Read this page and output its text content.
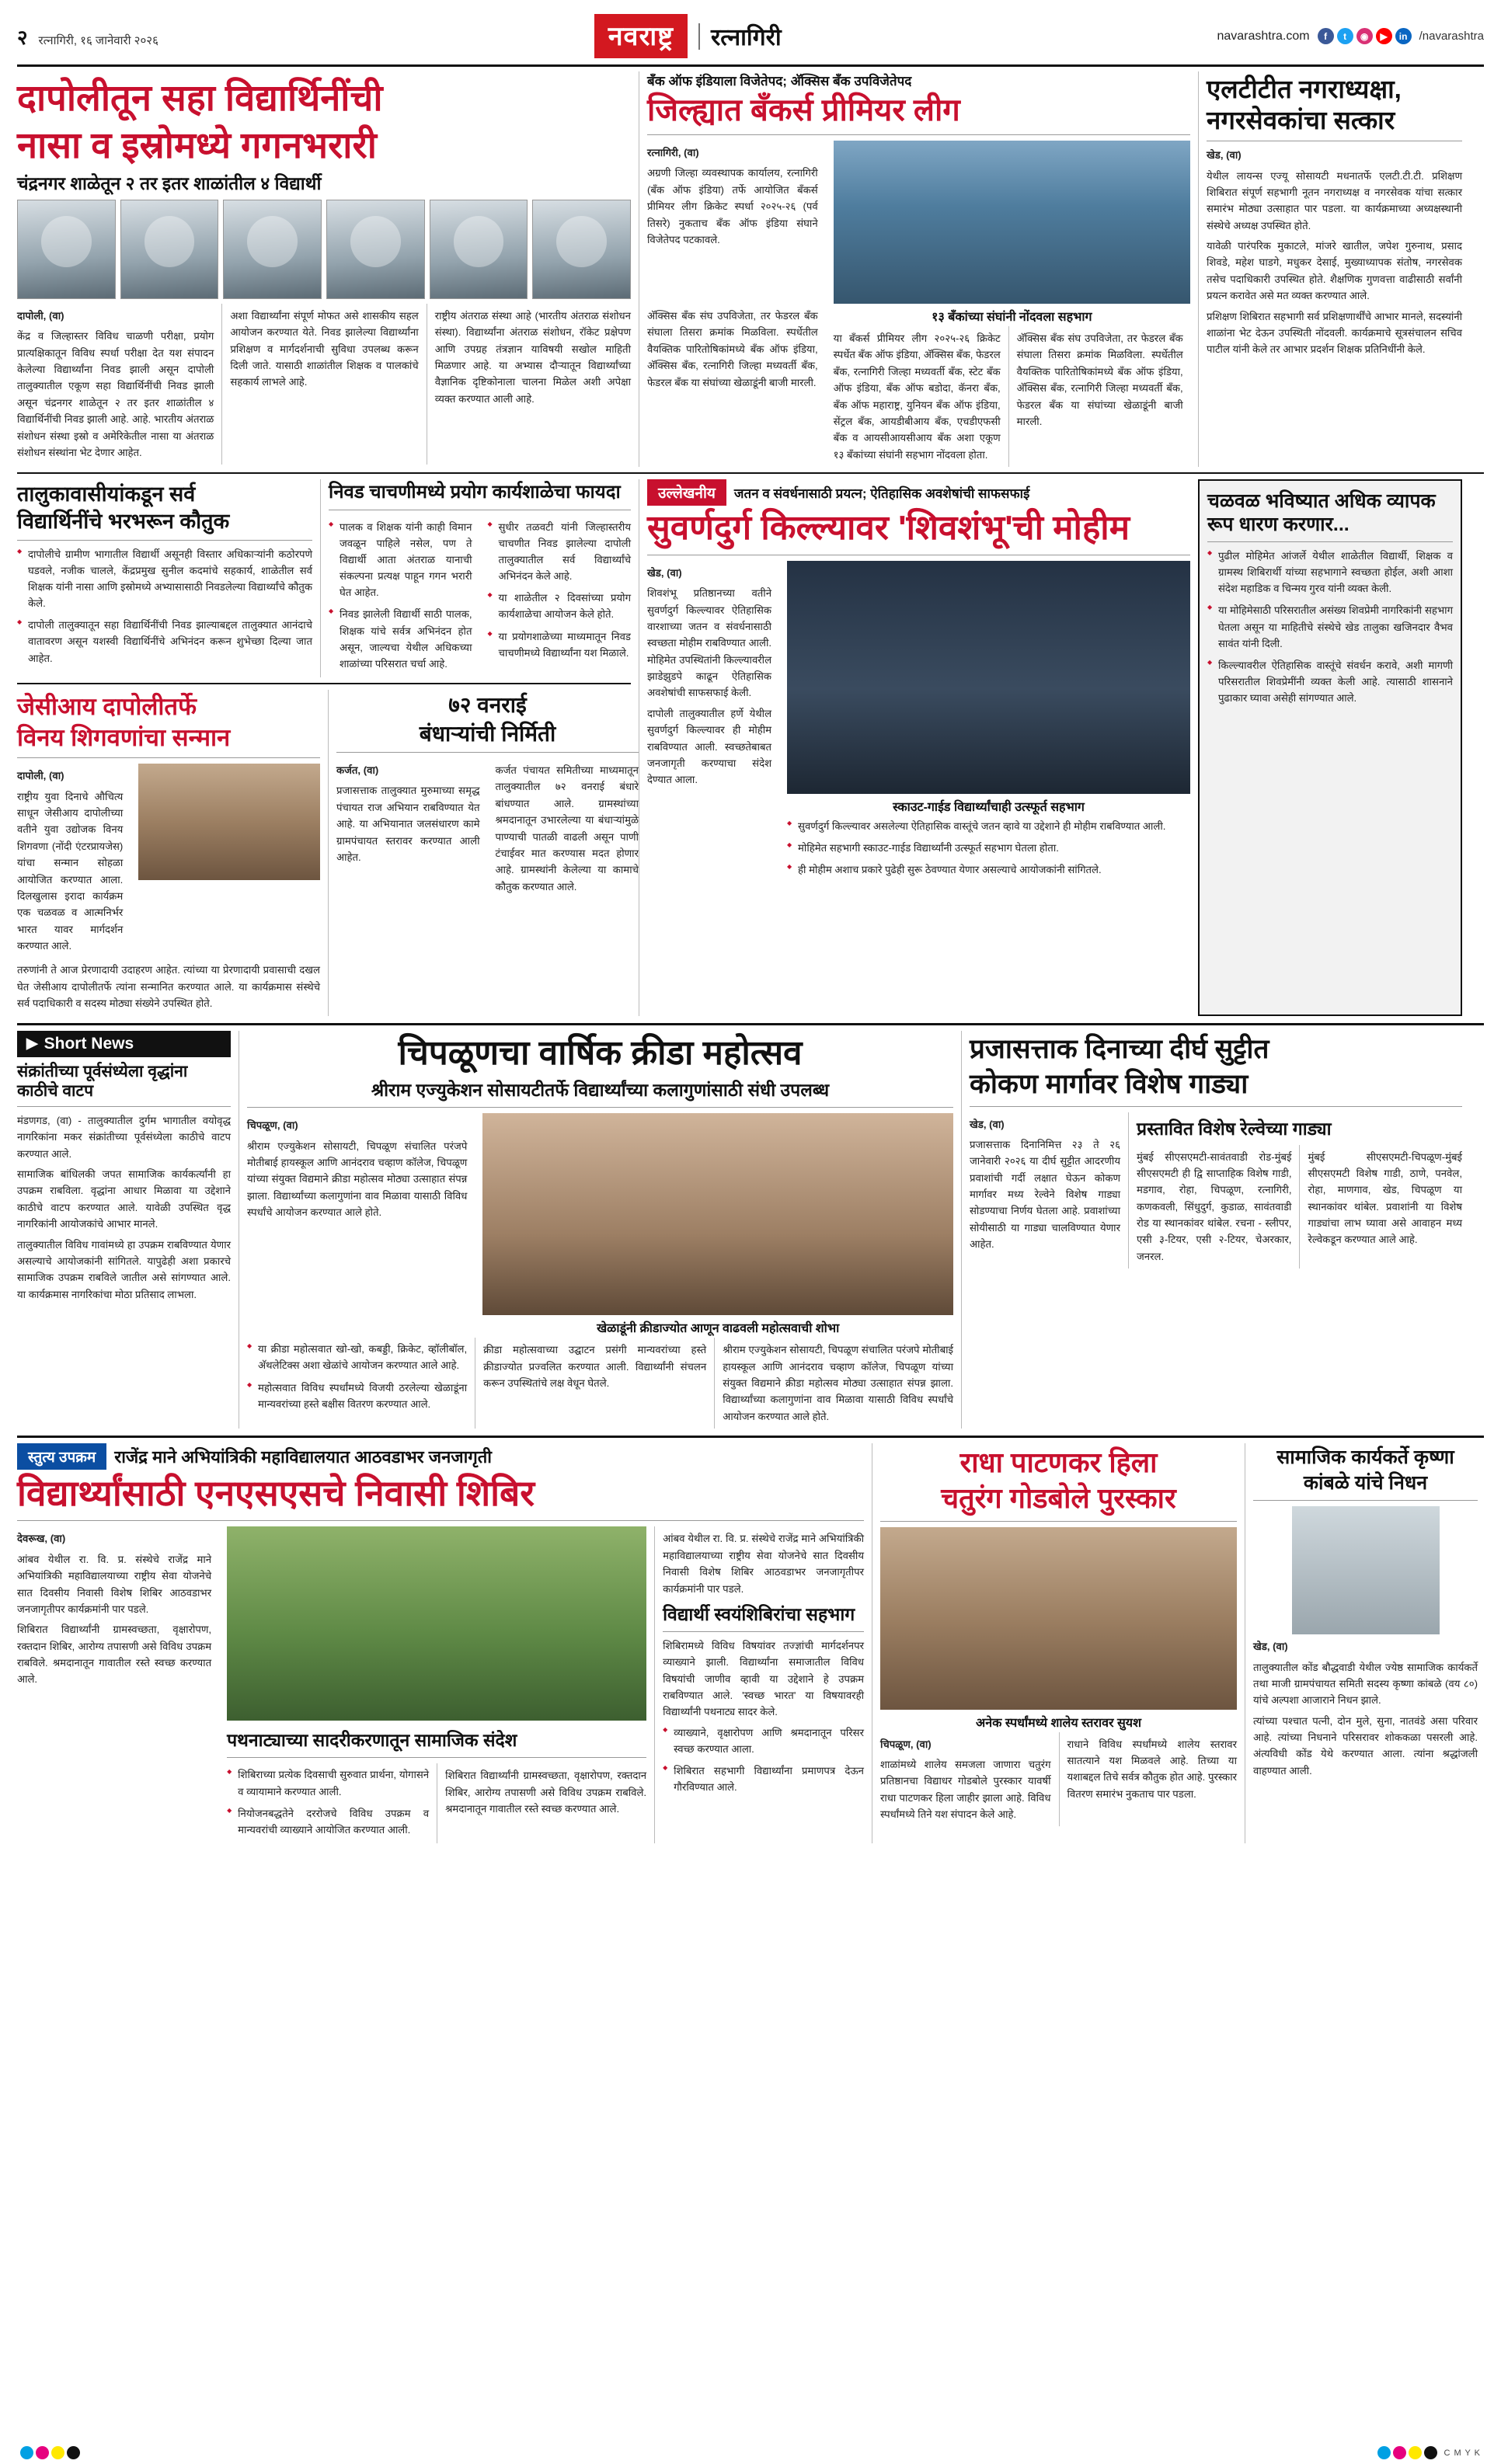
२ रत्नागिरी, १६ जानेवारी २०२६	नवराष्ट्र	रत्नागिरी	navarashtra.com	f	t	◉	▶	in	/navarashtra
दापोलीतून सहा विद्यार्थिनींची
नासा व इस्रोमध्ये गगनभरारी
चंद्रनगर शाळेतून २ तर इतर शाळांतील ४ विद्यार्थी

दापोली, (वा)

केंद्र व जिल्हास्तर विविध चाळणी परीक्षा, प्रयोग प्रात्यक्षिकातून विविध स्पर्धा परीक्षा देत यश संपादन केलेल्या विद्यार्थ्यांना निवड झाली असून दापोली तालुक्यातील एकूण सहा विद्यार्थिनींची निवड झाली असून चंद्रनगर शाळेतून २ तर इतर शाळांतील ४ विद्यार्थिनींची निवड झाली आहे. आहे. भारतीय अंतराळ संशोधन संस्था इस्रो व अमेरिकेतील नासा या अंतराळ संशोधन संस्थांना भेट देणार आहेत.

अशा विद्यार्थ्यांना संपूर्ण मोफत असे शासकीय सहल आयोजन करण्यात येते. निवड झालेल्या विद्यार्थ्यांना प्रशिक्षण व मार्गदर्शनाची सुविधा उपलब्ध करून दिली जाते. यासाठी शाळांतील शिक्षक व पालकांचे सहकार्य लाभले आहे.

राष्ट्रीय अंतराळ संस्था आहे (भारतीय अंतराळ संशोधन संस्था). विद्यार्थ्यांना अंतराळ संशोधन, रॉकेट प्रक्षेपण आणि उपग्रह तंत्रज्ञान याविषयी सखोल माहिती मिळणार आहे. या अभ्यास दौऱ्यातून विद्यार्थ्यांच्या वैज्ञानिक दृष्टिकोनाला चालना मिळेल अशी अपेक्षा व्यक्त करण्यात आली आहे.

बँक ऑफ इंडियाला विजेतेपद; अ‍ॅक्सिस बँक उपविजेतेपद
जिल्ह्यात बँकर्स प्रीमियर लीग

रत्नागिरी, (वा)

अग्रणी जिल्हा व्यवस्थापक कार्यालय, रत्नागिरी (बँक ऑफ इंडिया) तर्फे आयोजित बँकर्स प्रीमियर लीग क्रिकेट स्पर्धा २०२५-२६ (पर्व तिसरे) नुकताच बँक ऑफ इंडिया संघाने विजेतेपद पटकावले.

अ‍ॅक्सिस बँक संघ उपविजेता, तर फेडरल बँक संघाला तिसरा क्रमांक मिळविला. स्पर्धेतील वैयक्तिक पारितोषिकांमध्ये बँक ऑफ इंडिया, अ‍ॅक्सिस बँक, रत्नागिरी जिल्हा मध्यवर्ती बँक, फेडरल बँक या संघांच्या खेळाडूंनी बाजी मारली.

१३ बँकांच्या संघांनी नोंदवला सहभाग

या बँकर्स प्रीमियर लीग २०२५-२६ क्रिकेट स्पर्धेत बँक ऑफ इंडिया, अ‍ॅक्सिस बँक, फेडरल बँक, रत्नागिरी जिल्हा मध्यवर्ती बँक, स्टेट बँक ऑफ इंडिया, बँक ऑफ बडोदा, कॅनरा बँक, बँक ऑफ महाराष्ट्र, युनियन बँक ऑफ इंडिया, सेंट्रल बँक, आयडीबीआय बँक, एचडीएफसी बँक व आयसीआयसीआय बँक अशा एकूण १३ बँकांच्या संघांनी सहभाग नोंदवला होता.

अ‍ॅक्सिस बँक संघ उपविजेता, तर फेडरल बँक संघाला तिसरा क्रमांक मिळविला. स्पर्धेतील वैयक्तिक पारितोषिकांमध्ये बँक ऑफ इंडिया, अ‍ॅक्सिस बँक, रत्नागिरी जिल्हा मध्यवर्ती बँक, फेडरल बँक या संघांच्या खेळाडूंनी बाजी मारली.

एलटीटीत नगराध्यक्षा, नगरसेवकांचा सत्कार

खेड, (वा)

येथील लायन्स एज्यू सोसायटी मधनातर्फे एलटी.टी.टी. प्रशिक्षण शिबिरात संपूर्ण सहभागी नूतन नगराध्यक्ष व नगरसेवक यांचा सत्कार समारंभ मोठ्या उत्साहात पार पडला. या कार्यक्रमाच्या अध्यक्षस्थानी संस्थेचे अध्यक्ष उपस्थित होते.

यावेळी पारंपरिक मुकाटले, मांजरे खातील, जपेश गुरुनाथ, प्रसाद शिवडे, महेश घाडगे, मधुकर देसाई, मुख्याध्यापक संतोष, नगरसेवक तसेच पदाधिकारी उपस्थित होते. शैक्षणिक गुणवत्ता वाढीसाठी सर्वांनी प्रयत्न करावेत असे मत व्यक्त करण्यात आले.

प्रशिक्षण शिबिरात सहभागी सर्व प्रशिक्षणार्थींचे आभार मानले, सदस्यांनी शाळांना भेट देऊन उपस्थिती नोंदवली. कार्यक्रमाचे सूत्रसंचालन सचिव पाटील यांनी केले तर आभार प्रदर्शन शिक्षक प्रतिनिधींनी केले.

तालुकावासीयांकडून सर्व
विद्यार्थिनींचे भरभरून कौतुक
◆ दापोलीचे ग्रामीण भागातील विद्यार्थी असूनही विस्तार अधिकाऱ्यांनी कठोरपणे घडवले, नजीक चालले, केंद्रप्रमुख सुनील कदमांचे सहकार्य, शाळेतील सर्व शिक्षक यांनी नासा आणि इस्रोमध्ये अभ्यासासाठी निवडलेल्या विद्यार्थ्यांचे कौतुक केले.
◆ दापोली तालुक्यातून सहा विद्यार्थिनींची निवड झाल्याबद्दल तालुक्यात आनंदाचे वातावरण असून यशस्वी विद्यार्थिनींचे अभिनंदन करून शुभेच्छा दिल्या जात आहेत.
निवड चाचणीमध्ये प्रयोग कार्यशाळेचा फायदा
◆ पालक व शिक्षक यांनी काही विमान जवळून पाहिले नसेल, पण ते विद्यार्थी आता अंतराळ यानाची संकल्पना प्रत्यक्ष पाहून गगन भरारी घेत आहेत.
◆ निवड झालेली विद्यार्थी साठी पालक, शिक्षक यांचे सर्वत्र अभिनंदन होत असून, जाल्यचा येथील अधिकच्या शाळांच्या परिसरात चर्चा आहे.
◆ सुधीर तळवटी यांनी जिल्हास्तरीय चाचणीत निवड झालेल्या दापोली तालुक्यातील सर्व विद्यार्थ्यांचे अभिनंदन केले आहे.
◆ या शाळेतील २ दिवसांच्या प्रयोग कार्यशाळेचा आयोजन केले होते.
◆ या प्रयोगशाळेच्या माध्यमातून निवड चाचणीमध्ये विद्यार्थ्यांना यश मिळाले.
जेसीआय दापोलीतर्फे
विनय शिगवणांचा सन्मान

दापोली, (वा)

राष्ट्रीय युवा दिनाचे औचित्य साधून जेसीआय दापोलीच्या वतीने युवा उद्योजक विनय शिगवणा (नोंदी एंटरप्रायजेस) यांचा सन्मान सोहळा आयोजित करण्यात आला. दिलखुलास इरादा कार्यक्रम एक चळवळ व आत्मनिर्भर भारत यावर मार्गदर्शन करण्यात आले.

तरुणांनी ते आज प्रेरणादायी उदाहरण आहेत. त्यांच्या या प्रेरणादायी प्रवासाची दखल घेत जेसीआय दापोलीतर्फे त्यांना सन्मानित करण्यात आले. या कार्यक्रमास संस्थेचे सर्व पदाधिकारी व सदस्य मोठ्या संख्येने उपस्थित होते.

७२ वनराई
बंधाऱ्यांची निर्मिती

कर्जत, (वा)

प्रजासत्ताक तालुक्यात मुरुमाच्या समृद्ध पंचायत राज अभियान राबविण्यात येत आहे. या अभियानात जलसंधारण कामे ग्रामपंचायत स्तरावर करण्यात आली आहेत.

कर्जत पंचायत समितीच्या माध्यमातून तालुक्यातील ७२ वनराई बंधारे बांधण्यात आले. ग्रामस्थांच्या श्रमदानातून उभारलेल्या या बंधाऱ्यांमुळे पाण्याची पातळी वाढली असून पाणी टंचाईवर मात करण्यास मदत होणार आहे. ग्रामस्थांनी केलेल्या या कामाचे कौतुक करण्यात आले.

उल्लेखनीय	जतन व संवर्धनासाठी प्रयत्न; ऐतिहासिक अवशेषांची साफसफाई
सुवर्णदुर्ग किल्ल्यावर 'शिवशंभू'ची मोहीम

खेड, (वा)

शिवशंभू प्रतिष्ठानच्या वतीने सुवर्णदुर्ग किल्ल्यावर ऐतिहासिक वारशाच्या जतन व संवर्धनासाठी स्वच्छता मोहीम राबविण्यात आली. मोहिमेत उपस्थितांनी किल्ल्यावरील झाडेझुडपे काढून ऐतिहासिक अवशेषांची साफसफाई केली.

दापोली तालुक्यातील हर्णे येथील सुवर्णदुर्ग किल्ल्यावर ही मोहीम राबविण्यात आली. स्वच्छतेबाबत जनजागृती करण्याचा संदेश देण्यात आला.

स्काउट-गाईड विद्यार्थ्यांचाही उत्स्फूर्त सहभाग
◆ सुवर्णदुर्ग किल्ल्यावर असलेल्या ऐतिहासिक वास्तूंचे जतन व्हावे या उद्देशाने ही मोहीम राबविण्यात आली.
◆ मोहिमेत सहभागी स्काउट-गाईड विद्यार्थ्यांनी उत्स्फूर्त सहभाग घेतला होता.
◆ ही मोहीम अशाच प्रकारे पुढेही सुरू ठेवण्यात येणार असल्याचे आयोजकांनी सांगितले.
चळवळ भविष्यात अधिक व्यापक रूप धारण करणार...
◆ पुढील मोहिमेत आंजर्ले येथील शाळेतील विद्यार्थी, शिक्षक व ग्रामस्थ शिबिरार्थी यांच्या सहभागाने स्वच्छता होईल, अशी आशा संदेश महाडिक व चिन्मय गुरव यांनी व्यक्त केली.
◆ या मोहिमेसाठी परिसरातील असंख्य शिवप्रेमी नागरिकांनी सहभाग घेतला असून या माहितीचे संस्थेचे खेड तालुका खजिनदार वैभव सावंत यांनी दिली.
◆ किल्ल्यावरील ऐतिहासिक वास्तूंचे संवर्धन करावे, अशी मागणी परिसरातील शिवप्रेमींनी व्यक्त केली आहे. त्यासाठी शासनाने पुढाकार घ्यावा असेही सांगण्यात आले.
▶ Short News
संक्रांतीच्या पूर्वसंध्येला वृद्धांना काठीचे वाटप

मंडणगड, (वा) - तालुक्यातील दुर्गम भागातील वयोवृद्ध नागरिकांना मकर संक्रांतीच्या पूर्वसंध्येला काठीचे वाटप करण्यात आले.

सामाजिक बांधिलकी जपत सामाजिक कार्यकर्त्यांनी हा उपक्रम राबविला. वृद्धांना आधार मिळावा या उद्देशाने काठीचे वाटप करण्यात आले. यावेळी उपस्थित वृद्ध नागरिकांनी आयोजकांचे आभार मानले.

तालुक्यातील विविध गावांमध्ये हा उपक्रम राबविण्यात येणार असल्याचे आयोजकांनी सांगितले. यापुढेही अशा प्रकारचे सामाजिक उपक्रम राबविले जातील असे सांगण्यात आले. या कार्यक्रमास नागरिकांचा मोठा प्रतिसाद लाभला.

चिपळूणचा वार्षिक क्रीडा महोत्सव
श्रीराम एज्युकेशन सोसायटीतर्फे विद्यार्थ्यांच्या कलागुणांसाठी संधी उपलब्ध

चिपळूण, (वा)

श्रीराम एज्युकेशन सोसायटी, चिपळूण संचालित परंजपे मोतीबाई हायस्कूल आणि आनंदराव चव्हाण कॉलेज, चिपळूण यांच्या संयुक्त विद्यमाने क्रीडा महोत्सव मोठ्या उत्साहात संपन्न झाला. विद्यार्थ्यांच्या कलागुणांना वाव मिळावा यासाठी विविध स्पर्धांचे आयोजन करण्यात आले होते.

खेळाडूंनी क्रीडाज्योत आणून वाढवली महोत्सवाची शोभा
◆ या क्रीडा महोत्सवात खो-खो, कबड्डी, क्रिकेट, व्हॉलीबॉल, अ‍ॅथलेटिक्स अशा खेळांचे आयोजन करण्यात आले आहे.
◆ महोत्सवात विविध स्पर्धांमध्ये विजयी ठरलेल्या खेळाडूंना मान्यवरांच्या हस्ते बक्षीस वितरण करण्यात आले.

क्रीडा महोत्सवाच्या उद्घाटन प्रसंगी मान्यवरांच्या हस्ते क्रीडाज्योत प्रज्वलित करण्यात आली. विद्यार्थ्यांनी संचलन करून उपस्थितांचे लक्ष वेधून घेतले.

श्रीराम एज्युकेशन सोसायटी, चिपळूण संचालित परंजपे मोतीबाई हायस्कूल आणि आनंदराव चव्हाण कॉलेज, चिपळूण यांच्या संयुक्त विद्यमाने क्रीडा महोत्सव मोठ्या उत्साहात संपन्न झाला. विद्यार्थ्यांच्या कलागुणांना वाव मिळावा यासाठी विविध स्पर्धांचे आयोजन करण्यात आले होते.

प्रजासत्ताक दिनाच्या दीर्घ सुट्टीत
कोकण मार्गावर विशेष गाड्या

खेड, (वा)

प्रजासत्ताक दिनानिमित्त २३ ते २६ जानेवारी २०२६ या दीर्घ सुट्टीत आदरणीय प्रवाशांची गर्दी लक्षात घेऊन कोकण मार्गावर मध्य रेल्वेने विशेष गाड्या सोडण्याचा निर्णय घेतला आहे. प्रवाशांच्या सोयीसाठी या गाड्या चालविण्यात येणार आहेत.

प्रस्तावित विशेष रेल्वेच्या गाड्या

मुंबई सीएसएमटी-सावंतवाडी रोड-मुंबई सीएसएमटी ही द्वि साप्ताहिक विशेष गाडी, मडगाव, रोहा, चिपळूण, रत्नागिरी, कणकवली, सिंधुदुर्ग, कुडाळ, सावंतवाडी रोड या स्थानकांवर थांबेल. रचना - स्लीपर, एसी ३-टियर, एसी २-टियर, चेअरकार, जनरल.

मुंबई सीएसएमटी-चिपळूण-मुंबई सीएसएमटी विशेष गाडी, ठाणे, पनवेल, रोहा, माणगाव, खेड, चिपळूण या स्थानकांवर थांबेल. प्रवाशांनी या विशेष गाड्यांचा लाभ घ्यावा असे आवाहन मध्य रेल्वेकडून करण्यात आले आहे.

स्तुत्य उपक्रम	राजेंद्र माने अभियांत्रिकी महाविद्यालयात आठवडाभर जनजागृती
विद्यार्थ्यांसाठी एनएसएसचे निवासी शिबिर

देवरूख, (वा)

आंबव येथील रा. वि. प्र. संस्थेचे राजेंद्र माने अभियांत्रिकी महाविद्यालयाच्या राष्ट्रीय सेवा योजनेचे सात दिवसीय निवासी विशेष शिबिर आठवडाभर जनजागृतीपर कार्यक्रमांनी पार पडले.

शिबिरात विद्यार्थ्यांनी ग्रामस्वच्छता, वृक्षारोपण, रक्तदान शिबिर, आरोग्य तपासणी असे विविध उपक्रम राबविले. श्रमदानातून गावातील रस्ते स्वच्छ करण्यात आले.

पथनाट्याच्या सादरीकरणातून सामाजिक संदेश
◆ शिबिराच्या प्रत्येक दिवसाची सुरुवात प्रार्थना, योगासने व व्यायामाने करण्यात आली.
◆ नियोजनबद्धतेने दररोजचे विविध उपक्रम व मान्यवरांची व्याख्याने आयोजित करण्यात आली.

शिबिरात विद्यार्थ्यांनी ग्रामस्वच्छता, वृक्षारोपण, रक्तदान शिबिर, आरोग्य तपासणी असे विविध उपक्रम राबविले. श्रमदानातून गावातील रस्ते स्वच्छ करण्यात आले.

आंबव येथील रा. वि. प्र. संस्थेचे राजेंद्र माने अभियांत्रिकी महाविद्यालयाच्या राष्ट्रीय सेवा योजनेचे सात दिवसीय निवासी विशेष शिबिर आठवडाभर जनजागृतीपर कार्यक्रमांनी पार पडले.

विद्यार्थी स्वयंशिबिरांचा सहभाग

शिबिरामध्ये विविध विषयांवर तज्ज्ञांची मार्गदर्शनपर व्याख्याने झाली. विद्यार्थ्यांना समाजातील विविध विषयांची जाणीव व्हावी या उद्देशाने हे उपक्रम राबविण्यात आले. 'स्वच्छ भारत' या विषयावरही विद्यार्थ्यांनी पथनाट्य सादर केले.

◆ व्याख्याने, वृक्षारोपण आणि श्रमदानातून परिसर स्वच्छ करण्यात आला.
◆ शिबिरात सहभागी विद्यार्थ्यांना प्रमाणपत्र देऊन गौरविण्यात आले.
राधा पाटणकर हिला
चतुरंग गोडबोले पुरस्कार
अनेक स्पर्धांमध्ये शालेय स्तरावर सुयश

चिपळूण, (वा)

शाळांमध्ये शालेय समजला जाणारा चतुरंग प्रतिष्ठानचा विद्याधर गोडबोले पुरस्कार यावर्षी राधा पाटणकर हिला जाहीर झाला आहे. विविध स्पर्धांमध्ये तिने यश संपादन केले आहे.

राधाने विविध स्पर्धांमध्ये शालेय स्तरावर सातत्याने यश मिळवले आहे. तिच्या या यशाबद्दल तिचे सर्वत्र कौतुक होत आहे. पुरस्कार वितरण समारंभ नुकताच पार पडला.

सामाजिक कार्यकर्ते कृष्णा
कांबळे यांचे निधन

खेड, (वा)

तालुक्यातील कोंड बौद्धवाडी येथील ज्येष्ठ सामाजिक कार्यकर्ते तथा माजी ग्रामपंचायत समिती सदस्य कृष्णा कांबळे (वय ८०) यांचे अल्पशा आजाराने निधन झाले.

त्यांच्या पश्चात पत्नी, दोन मुले, सुना, नातवंडे असा परिवार आहे. त्यांच्या निधनाने परिसरावर शोककळा पसरली आहे. अंत्यविधी कोंड येथे करण्यात आला. त्यांना श्रद्धांजली वाहण्यात आली.

C M Y K
